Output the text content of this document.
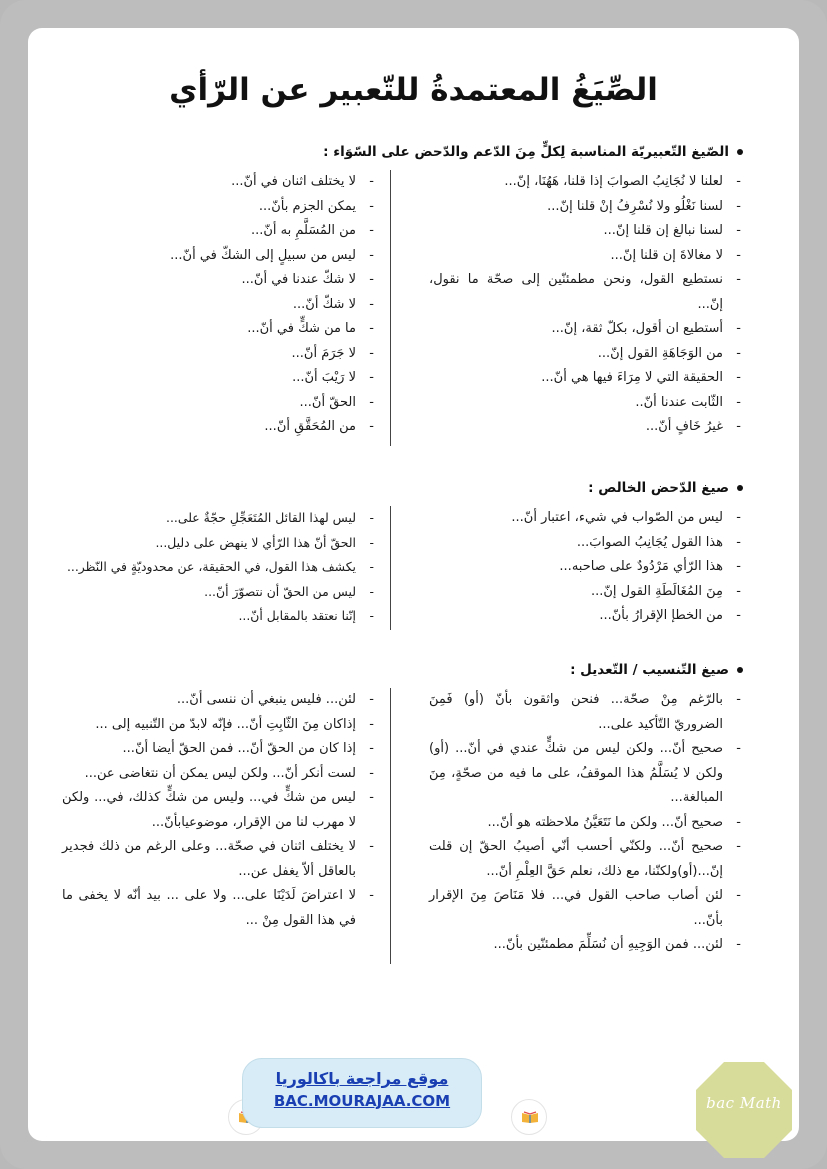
الصِّيَغُ المعتمدةُ للتّعبير عن الرّأي
الصّيغ التّعبيريّة المناسبة لِكلٍّ مِنَ الدّعم والدّحض على السّوَاء :
- لعلنا لا نُجَانِبُ الصوابَ إذا قلنا، هَهُنَا، إنّ...
- لسنا نَغْلُو ولا نُسْرِفُ إنْ قلنا إنّ...
- لسنا نبالغ إن قلنا إنّ...
- لا مغالاةَ إن قلنا إنّ...
- نستطيع القول، ونحن مطمئنّين إلى صحّة ما نقول، إنّ...
- أستطيع ان أقول، بكلّ ثقة، إنّ...
- من الوَجَاهَةِ القول إنّ...
- الحقيقة التي لا مِرَاءَ فيها هي أنّ...
- الثّابت عندنا أنّ..
- غيرُ خَافٍ أنّ...
- لا يختلف اثنان في أنّ...
- يمكن الجزم بأنّ...
- من المُسَلَّمِ به أنّ...
- ليس من سبيلٍ إلى الشكّ في أنّ...
- لا شكّ عندنا في أنّ...
- لا شكّ أنّ...
- ما من شكٍّ في أنّ...
- لا جَرَمَ أنّ...
- لا رَيْبَ أنّ...
- الحقّ أنّ...
- من المُحَقَّقِ أنّ...
صيغ الدّحض الخالص :
- ليس من الصّواب في شيء، اعتبار أنّ...
- هذا القول يُجَانِبُ الصوابَ...
- هذا الرّأي مَرْدُودٌ على صاحبه...
- مِنَ المُغَالَطَةِ القول إنّ...
- من الخطإ الإقرارُ بأنّ...
- ليس لهذا القائل المُتَعَجِّلِ حجّةٌ على...
- الحقّ أنّ هذا الرّأي لا ينهض على دليل...
- يكشف هذا القول، في الحقيقة، عن محدوديّةٍ في النّظر...
- ليس من الحقّ أن نتصوّرَ أنّ...
- إنّنا نعتقد بالمقابل أنّ...
صيغ التّنسيب / التّعديل :
- بالرّغم مِنْ صحّة... فنحن واثقون بأنّ (أو) فَمِنَ الضروريّ التّأكيد على...
- صحيح أنّ... ولكن ليس من شكٍّ عندي في أنّ... (أو) ولكن لا يُسَلَّمُ هذا الموقفُ، على ما فيه من صحّةٍ، مِنَ المبالغة...
- صحيح أنّ... ولكن ما نَتَعَيَّنُ ملاحظته هو أنّ...
- صحيح أنّ... ولكنّي أحسب أنّي أصيبُ الحقّ إن قلت إنّ...(أو)ولكنّنا، مع ذلك، نعلم حَقَّ العِلْمِ أنّ...
- لئن أصاب صاحب القول في... فلا مَنَاصَ مِنَ الإقرار بأنّ...
- لئن... فمن الوَجِيهِ أن نُسَلِّمَ مطمئنّين بأنّ...
- لئن... فليس ينبغي أن ننسى أنّ...
- إذاكان مِنَ الثّابِتِ أنّ... فإنّه لابدّ من التّنبيه إلى ...
- إذا كان من الحقّ أنّ... فمن الحقّ أيضا أنّ...
- لست أنكر أنّ... ولكن ليس يمكن أن نتغاضى عن...
- ليس من شكٍّ في... وليس من شكٍّ كذلك، في... ولكن لا مهرب لنا من الإقرار، موضوعيابأنّ...
- لا يختلف اثنان في صحّة... وعلى الرغم من ذلك فجدير بالعاقل ألاّ يغفل عن...
- لا اعتراضَ لَدَيْنَا على... ولا على ... بيد أنّه لا يخفى ما في هذا القول مِنْ ...
موقع مراجعة باكالوريا
BAC.MOURAJAA.COM	bac Math
